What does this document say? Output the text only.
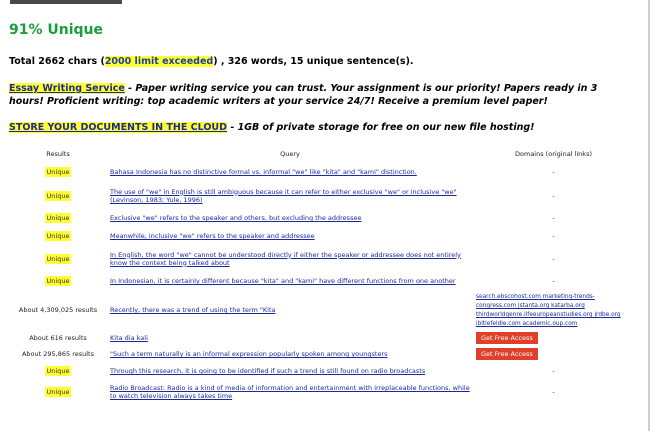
91% Unique
Total 2662 chars (2000 limit exceeded) , 326 words, 15 unique sentence(s).
Essay Writing Service - Paper writing service you can trust. Your assignment is our priority! Papers ready in 3 hours! Proficient writing: top academic writers at your service 24/7! Receive a premium level paper!
STORE YOUR DOCUMENTS IN THE CLOUD - 1GB of private storage for free on our new file hosting!
Results	Query	Domains (original links)
Unique	Bahasa Indonesia has no distinctive formal vs. informal "we" like "kita" and "kami" distinction.	-
Unique	The use of "we" in English is still ambiguous because it can refer to either exclusive "we" or inclusive "we" (Levinson, 1983; Yule, 1996)	-
Unique	Exclusive "we" refers to the speaker and others, but excluding the addressee	-
Unique	Meanwhile, inclusive "we" refers to the speaker and addressee	-
Unique	In English, the word "we" cannot be understood directly if either the speaker or addressee does not entirely know the context being talked about	-
Unique	In Indonesian, it is certainly different because "kita" and "kami" have different functions from one another	-
About 4,309,025 results	Recently, there was a trend of using the term "Kita	search.ebscohost.com marketing-trends-congress.com jstanta.org katarba.org thirdworldgenre.lifeeuropeanstudies.org jrdbe.org ibitlefeldle.com academic.oup.com
About 616 results	Kita dia kali	Get Free Access
About 295,865 results	"Such a term naturally is an informal expression popularly spoken among youngsters	Get Free Access
Unique	Through this research, it is going to be identified if such a trend is still found on radio broadcasts	-
Unique	Radio Broadcast: Radio is a kind of media of information and entertainment with irreplaceable functions, while to watch television always takes time	-
